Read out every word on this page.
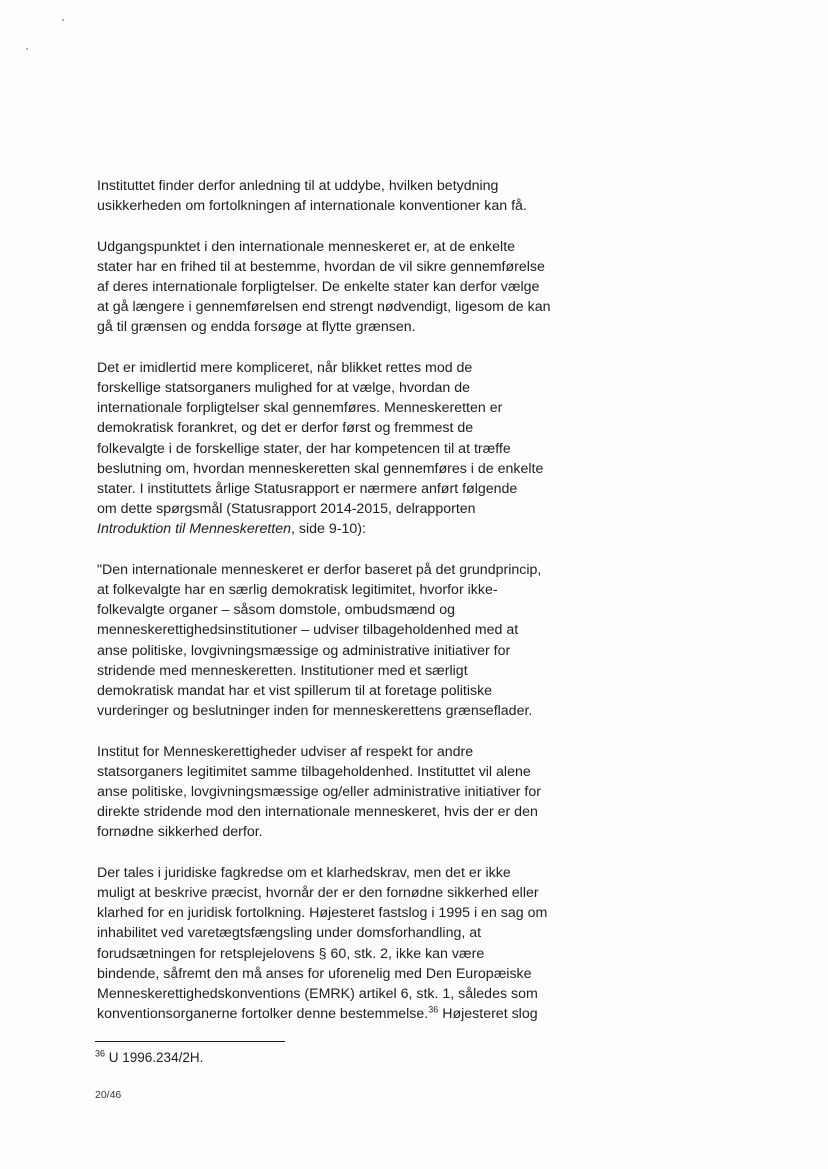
Instituttet finder derfor anledning til at uddybe, hvilken betydning
usikkerheden om fortolkningen af internationale konventioner kan få.

Udgangspunktet i den internationale menneskeret er, at de enkelte
stater har en frihed til at bestemme, hvordan de vil sikre gennemførelse
af deres internationale forpligtelser. De enkelte stater kan derfor vælge
at gå længere i gennemførelsen end strengt nødvendigt, ligesom de kan
gå til grænsen og endda forsøge at flytte grænsen.

Det er imidlertid mere kompliceret, når blikket rettes mod de
forskellige statsorganers mulighed for at vælge, hvordan de
internationale forpligtelser skal gennemføres. Menneskeretten er
demokratisk forankret, og det er derfor først og fremmest de
folkevalgte i de forskellige stater, der har kompetencen til at træffe
beslutning om, hvordan menneskeretten skal gennemføres i de enkelte
stater. I instituttets årlige Statusrapport er nærmere anført følgende
om dette spørgsmål (Statusrapport 2014-2015, delrapporten
Introduktion til Menneskeretten, side 9-10):

"Den internationale menneskeret er derfor baseret på det grundprincip,
at folkevalgte har en særlig demokratisk legitimitet, hvorfor ikke-
folkevalgte organer – såsom domstole, ombudsmænd og
menneskerettighedsinstitutioner – udviser tilbageholdenhed med at
anse politiske, lovgivningsmæssige og administrative initiativer for
stridende med menneskeretten. Institutioner med et særligt
demokratisk mandat har et vist spillerum til at foretage politiske
vurderinger og beslutninger inden for menneskerettens grænseflader.

Institut for Menneskerettigheder udviser af respekt for andre
statsorganers legitimitet samme tilbageholdenhed. Instituttet vil alene
anse politiske, lovgivningsmæssige og/eller administrative initiativer for
direkte stridende mod den internationale menneskeret, hvis der er den
fornødne sikkerhed derfor.

Der tales i juridiske fagkredse om et klarhedskrav, men det er ikke
muligt at beskrive præcist, hvornår der er den fornødne sikkerhed eller
klarhed for en juridisk fortolkning. Højesteret fastslog i 1995 i en sag om
inhabilitet ved varetægtsfængsling under domsforhandling, at
forudsætningen for retsplejelovens § 60, stk. 2, ikke kan være
bindende, såfremt den må anses for uforenelig med Den Europæiske
Menneskerettighedskonventions (EMRK) artikel 6, stk. 1, således som
konventionsorganerne fortolker denne bestemmelse.$^{36}$ Højesteret slog

$^{36}$ U 1996.234/2H.
20/46
